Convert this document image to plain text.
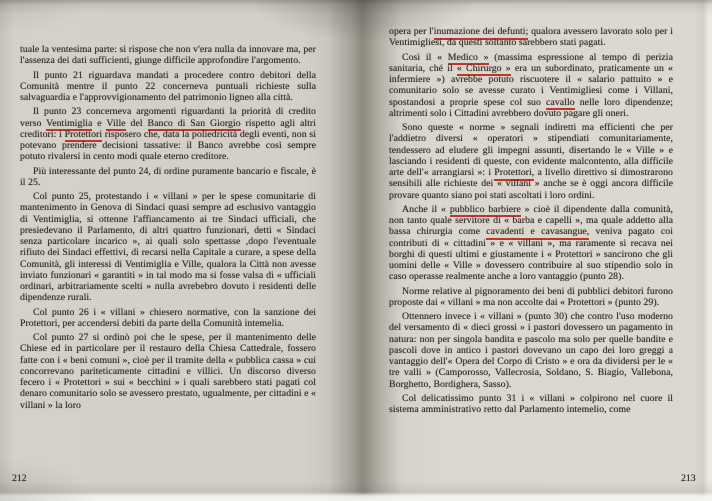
tuale la ventesima parte: si rispose che non v'era nulla da innovare ma, per l'assenza dei dati sufficienti, giunge difficile approfondire l'argomento.

Il punto 21 riguardava mandati a procedere contro debitori della Comunità mentre il punto 22 concerneva puntuali richieste sulla salvaguardia e l'approvvigionamento del patrimonio ligneo alla città.

Il punto 23 concerneva argomenti riguardanti la priorità di credito verso Ventimiglia e Ville del Banco di San Giorgio rispetto agli altri creditori: i Protettori risposero che, data la poliedricità degli eventi, non si potevano prendere decisioni tassative: il Banco avrebbe così sempre potuto rivalersi in cento modi quale eterno creditore.

Più interessante del punto 24, di ordine puramente bancario e fiscale, è il 25.

Col punto 25, protestando i « villani » per le spese comunitarie di mantenimento in Genova di Sindaci quasi sempre ad esclusivo vantaggio di Ventimiglia, si ottenne l'affiancamento ai tre Sindaci ufficiali, che presiedevano il Parlamento, di altri quattro funzionari, detti « Sindaci senza particolare incarico », ai quali solo spettasse ,dopo l'eventuale rifiuto dei Sindaci effettivi, di recarsi nella Capitale a curare, a spese della Comunità, gli interessi di Ventimiglia e Ville, qualora la Città non avesse inviato funzionari « garantiti » in tal modo ma si fosse valsa di « ufficiali ordinari, arbitrariamente scelti » nulla avrebebro dovuto i residenti delle dipendenze rurali.

Col punto 26 i « villani » chiesero normative, con la sanzione dei Protettori, per accendersi debiti da parte della Comunità intemelia.

Col punto 27 si ordinò poi che le spese, per il mantenimento delle Chiese ed in particolare per il restauro della Chiesa Cattedrale, fossero fatte con i « beni comuni », cioè per il tramite della « pubblica cassa » cui concorrevano pariteticamente cittadini e villici. Un discorso diverso fecero i « Protettori » sui « becchini » i quali sarebbero stati pagati col denaro comunitario solo se avessero prestato, ugualmente, per cittadini e « villani » la loro

opera per l'inumazione dei defunti; qualora avessero lavorato solo per i Ventimigliesi, da questi soltanto sarebbero stati pagati.

Così il « Medico » (massima espressione al tempo di perizia sanitaria, ché il « Chirurgo » era un subordinato, praticamente un « infermiere ») avrebbe potuto riscuotere il « salario pattuito » e comunitario solo se avesse curato i Ventimigliesi come i Villani, spostandosi a proprie spese col suo cavallo nelle loro dipendenze; altrimenti solo i Cittadini avrebbero dovuto pagare gli oneri.

Sono queste « norme » segnali indiretti ma efficienti che per l'addietro diversi « operatori » stipendiati comunitariamente, tendessero ad eludere gli impegni assunti, disertando le « Ville » e lasciando i residenti di queste, con evidente malcontento, alla difficile arte dell'« arrangiarsi »: i Protettori, a livello direttivo si dimostrarono sensibili alle richieste dei « villani » anche se è oggi ancora difficile provare quanto siano poi stati ascoltati i loro ordini.

Anche il « pubblico barbiere » cioè il dipendente dalla comunità, non tanto quale servitore di « barba e capelli », ma quale addetto alla bassa chirurgia come cavadenti e cavasangue, veniva pagato coi contributi di « cittadini » e « villani », ma raramente si recava nei borghi di questi ultimi e giustamente i « Protettori » sancirono che gli uomini delle « Ville » dovessero contribuire al suo stipendio solo in caso operasse realmente anche a loro vantaggio (punto 28).

Norme relative al pignoramento dei beni di pubblici debitori furono proposte dai « villani » ma non accolte dai « Protettori » (punto 29).

Ottennero invece i « villani » (punto 30) che contro l'uso moderno del versamento di « dieci grossi » i pastori dovessero un pagamento in natura: non per singola bandita e pascolo ma solo per quelle bandite e pascoli dove in antico i pastori dovevano un capo dei loro greggi a vantaggio dell'« Opera del Corpo di Cristo » e ora da dividersi per le « tre valli » (Camporosso, Vallecrosia, Soldano, S. Biagio, Vallebona, Borghetto, Bordighera, Sasso).

Col delicatissimo punto 31 i « villani » colpirono nel cuore il sistema amministrativo retto dal Parlamento intemelio, come

212	213
